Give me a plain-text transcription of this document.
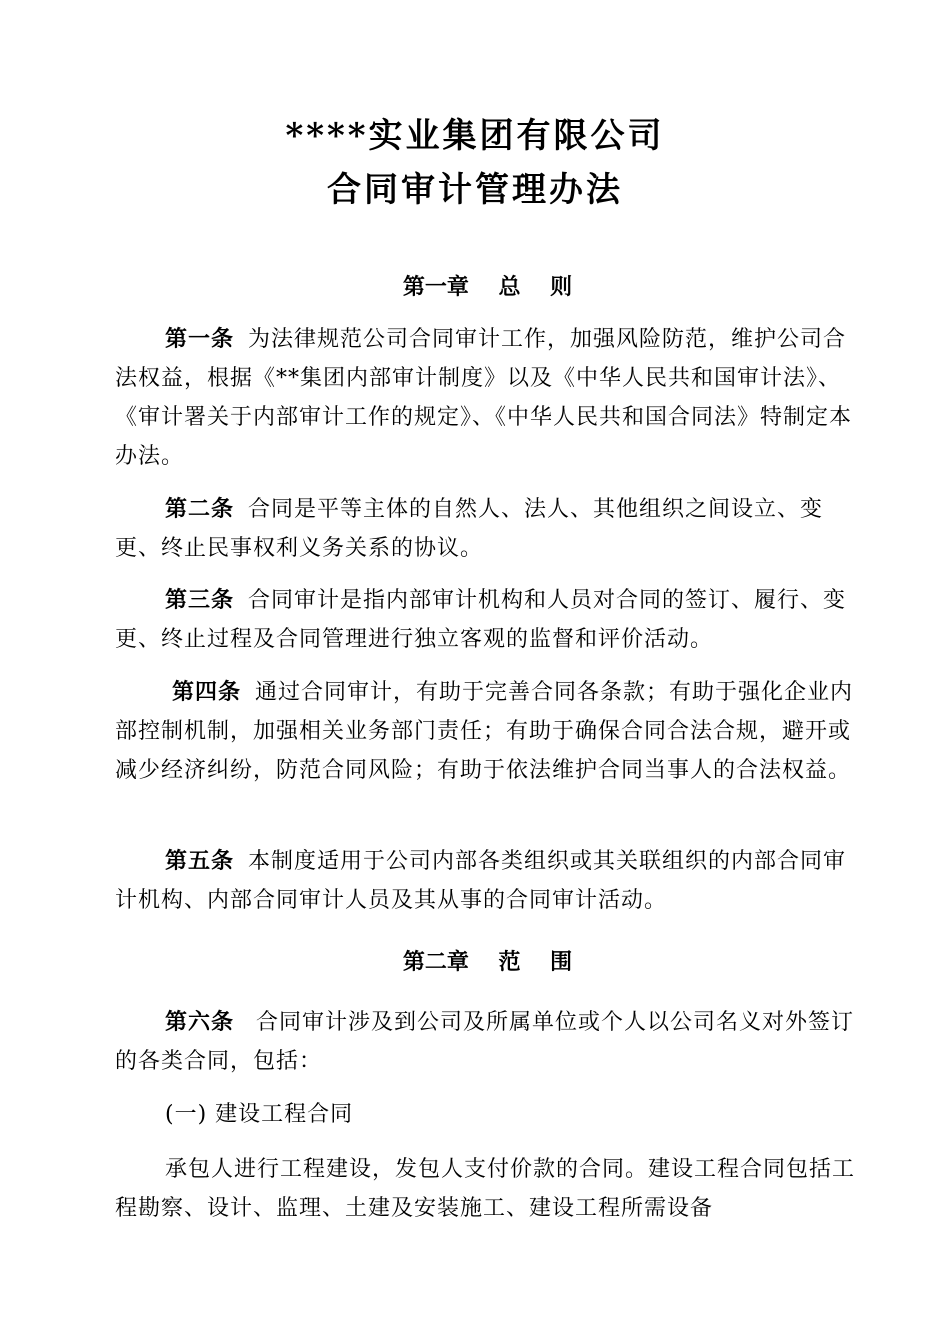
****实业集团有限公司
合同审计管理办法
第一章　 总　 则
第一条 为法律规范公司合同审计工作，加强风险防范，维护公司合法权益，根据《**集团内部审计制度》以及《中华人民共和国审计法》、《审计署关于内部审计工作的规定》、《中华人民共和国合同法》特制定本办法。
第二条 合同是平等主体的自然人、法人、其他组织之间设立、变更、终止民事权利义务关系的协议。
第三条 合同审计是指内部审计机构和人员对合同的签订、履行、变更、终止过程及合同管理进行独立客观的监督和评价活动。
第四条 通过合同审计，有助于完善合同各条款；有助于强化企业内部控制机制，加强相关业务部门责任；有助于确保合同合法合规，避开或减少经济纠纷，防范合同风险；有助于依法维护合同当事人的合法权益。
第五条 本制度适用于公司内部各类组织或其关联组织的内部合同审计机构、内部合同审计人员及其从事的合同审计活动。
第二章　 范　 围
第六条 合同审计涉及到公司及所属单位或个人以公司名义对外签订的各类合同，包括：
(一) 建设工程合同
承包人进行工程建设，发包人支付价款的合同。建设工程合同包括工程勘察、设计、监理、土建及安装施工、建设工程所需设备
